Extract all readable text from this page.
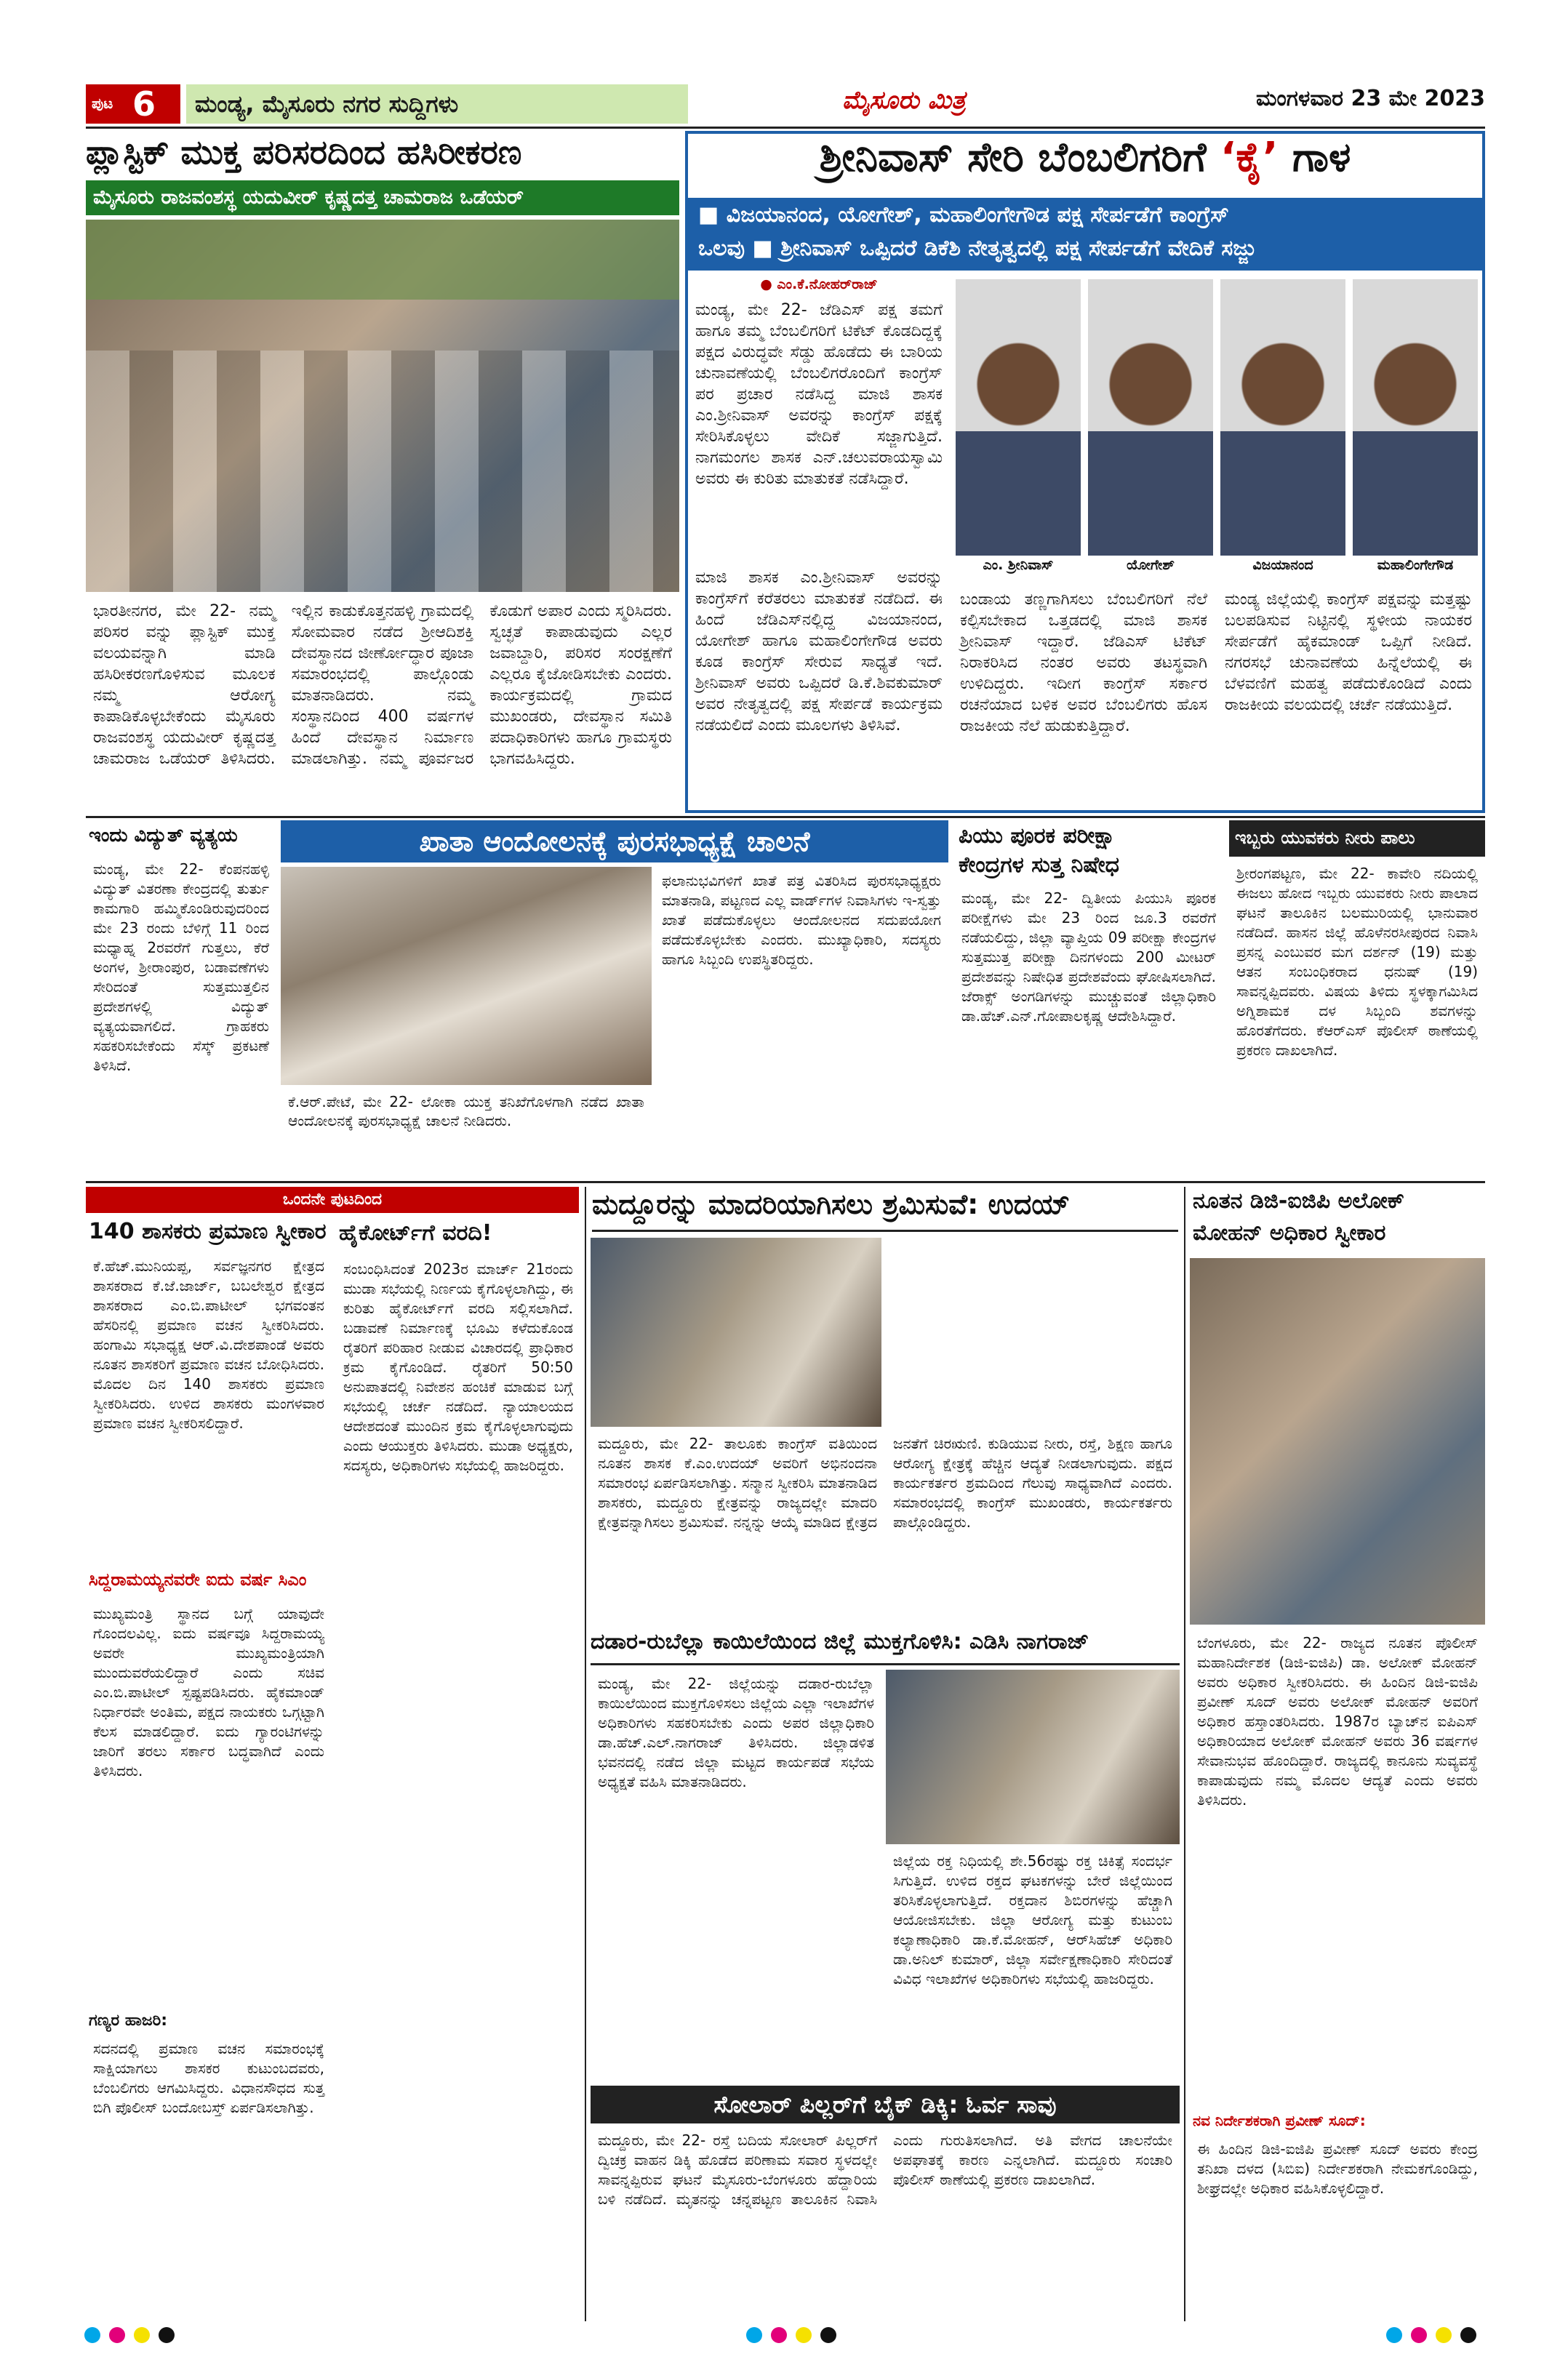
ಪುಟ 6 ಮಂಡ್ಯ, ಮೈಸೂರು ನಗರ ಸುದ್ದಿಗಳು	ಮೈಸೂರು ಮಿತ್ರ	ಮಂಗಳವಾರ 23 ಮೇ 2023
ಪ್ಲಾಸ್ಟಿಕ್ ಮುಕ್ತ ಪರಿಸರದಿಂದ ಹಸಿರೀಕರಣ
ಮೈಸೂರು ರಾಜವಂಶಸ್ಥ ಯದುವೀರ್ ಕೃಷ್ಣದತ್ತ ಚಾಮರಾಜ ಒಡೆಯರ್
ಭಾರತೀನಗರ, ಮೇ 22- ನಮ್ಮ ಪರಿಸರ ವನ್ನು ಪ್ಲಾಸ್ಟಿಕ್ ಮುಕ್ತ ವಲಯವನ್ನಾಗಿ ಮಾಡಿ ಹಸಿರೀಕರಣಗೊಳಿಸುವ ಮೂಲಕ ನಮ್ಮ ಆರೋಗ್ಯ ಕಾಪಾಡಿಕೊಳ್ಳಬೇಕೆಂದು ಮೈಸೂರು ರಾಜವಂಶಸ್ಥ ಯದುವೀರ್ ಕೃಷ್ಣದತ್ತ ಚಾಮರಾಜ ಒಡೆಯರ್ ತಿಳಿಸಿದರು. ಇಲ್ಲಿನ ಕಾಡುಕೊತ್ತನಹಳ್ಳಿ ಗ್ರಾಮದಲ್ಲಿ ಸೋಮವಾರ ನಡೆದ ಶ್ರೀಆದಿಶಕ್ತಿ ದೇವಸ್ಥಾನದ ಜೀರ್ಣೋದ್ಧಾರ ಪೂಜಾ ಸಮಾರಂಭದಲ್ಲಿ ಪಾಲ್ಗೊಂಡು ಮಾತನಾಡಿದರು. ನಮ್ಮ ಸಂಸ್ಥಾನದಿಂದ 400 ವರ್ಷಗಳ ಹಿಂದೆ ದೇವಸ್ಥಾನ ನಿರ್ಮಾಣ ಮಾಡಲಾಗಿತ್ತು. ನಮ್ಮ ಪೂರ್ವಜರ ಕೊಡುಗೆ ಅಪಾರ ಎಂದು ಸ್ಮರಿಸಿದರು. ಸ್ವಚ್ಛತೆ ಕಾಪಾಡುವುದು ಎಲ್ಲರ ಜವಾಬ್ದಾರಿ, ಪರಿಸರ ಸಂರಕ್ಷಣೆಗೆ ಎಲ್ಲರೂ ಕೈಜೋಡಿಸಬೇಕು ಎಂದರು. ಕಾರ್ಯಕ್ರಮದಲ್ಲಿ ಗ್ರಾಮದ ಮುಖಂಡರು, ದೇವಸ್ಥಾನ ಸಮಿತಿ ಪದಾಧಿಕಾರಿಗಳು ಹಾಗೂ ಗ್ರಾಮಸ್ಥರು ಭಾಗವಹಿಸಿದ್ದರು.
ಶ್ರೀನಿವಾಸ್ ಸೇರಿ ಬೆಂಬಲಿಗರಿಗೆ ‘ಕೈ’ ಗಾಳ
■ ವಿಜಯಾನಂದ, ಯೋಗೇಶ್, ಮಹಾಲಿಂಗೇಗೌಡ ಪಕ್ಷ ಸೇರ್ಪಡೆಗೆ ಕಾಂಗ್ರೆಸ್
ಒಲವು ■ ಶ್ರೀನಿವಾಸ್ ಒಪ್ಪಿದರೆ ಡಿಕೆಶಿ ನೇತೃತ್ವದಲ್ಲಿ ಪಕ್ಷ ಸೇರ್ಪಡೆಗೆ ವೇದಿಕೆ ಸಜ್ಜು
● ಎಂ.ಕೆ.ನೋಹರ್‌ರಾಜ್
ಮಂಡ್ಯ, ಮೇ 22- ಜೆಡಿಎಸ್ ಪಕ್ಷ ತಮಗೆ ಹಾಗೂ ತಮ್ಮ ಬೆಂಬಲಿಗರಿಗೆ ಟಿಕೆಟ್ ಕೊಡದಿದ್ದಕ್ಕೆ ಪಕ್ಷದ ವಿರುದ್ಧವೇ ಸೆಡ್ಡು ಹೊಡೆದು ಈ ಬಾರಿಯ ಚುನಾವಣೆಯಲ್ಲಿ ಬೆಂಬಲಿಗರೊಂದಿಗೆ ಕಾಂಗ್ರೆಸ್ ಪರ ಪ್ರಚಾರ ನಡೆಸಿದ್ದ ಮಾಜಿ ಶಾಸಕ ಎಂ.ಶ್ರೀನಿವಾಸ್ ಅವರನ್ನು ಕಾಂಗ್ರೆಸ್ ಪಕ್ಷಕ್ಕೆ ಸೇರಿಸಿಕೊಳ್ಳಲು ವೇದಿಕೆ ಸಜ್ಜಾಗುತ್ತಿದೆ. ನಾಗಮಂಗಲ ಶಾಸಕ ಎನ್.ಚಲುವರಾಯಸ್ವಾಮಿ ಅವರು ಈ ಕುರಿತು ಮಾತುಕತೆ ನಡೆಸಿದ್ದಾರೆ.
ಎಂ. ಶ್ರೀನಿವಾಸ್	ಯೋಗೇಶ್	ವಿಜಯಾನಂದ	ಮಹಾಲಿಂಗೇಗೌಡ
ಮಾಜಿ ಶಾಸಕ ಎಂ.ಶ್ರೀನಿವಾಸ್ ಅವರನ್ನು ಕಾಂಗ್ರೆಸ್‌ಗೆ ಕರೆತರಲು ಮಾತುಕತೆ ನಡೆದಿದೆ. ಈ ಹಿಂದೆ ಜೆಡಿಎಸ್‌ನಲ್ಲಿದ್ದ ವಿಜಯಾನಂದ, ಯೋಗೇಶ್ ಹಾಗೂ ಮಹಾಲಿಂಗೇಗೌಡ ಅವರು ಕೂಡ ಕಾಂಗ್ರೆಸ್ ಸೇರುವ ಸಾಧ್ಯತೆ ಇದೆ. ಶ್ರೀನಿವಾಸ್ ಅವರು ಒಪ್ಪಿದರೆ ಡಿ.ಕೆ.ಶಿವಕುಮಾರ್ ಅವರ ನೇತೃತ್ವದಲ್ಲಿ ಪಕ್ಷ ಸೇರ್ಪಡೆ ಕಾರ್ಯಕ್ರಮ ನಡೆಯಲಿದೆ ಎಂದು ಮೂಲಗಳು ತಿಳಿಸಿವೆ.
ಬಂಡಾಯ ತಣ್ಣಗಾಗಿಸಲು ಬೆಂಬಲಿಗರಿಗೆ ನೆಲೆ ಕಲ್ಪಿಸಬೇಕಾದ ಒತ್ತಡದಲ್ಲಿ ಮಾಜಿ ಶಾಸಕ ಶ್ರೀನಿವಾಸ್ ಇದ್ದಾರೆ. ಜೆಡಿಎಸ್ ಟಿಕೆಟ್ ನಿರಾಕರಿಸಿದ ನಂತರ ಅವರು ತಟಸ್ಥವಾಗಿ ಉಳಿದಿದ್ದರು. ಇದೀಗ ಕಾಂಗ್ರೆಸ್ ಸರ್ಕಾರ ರಚನೆಯಾದ ಬಳಿಕ ಅವರ ಬೆಂಬಲಿಗರು ಹೊಸ ರಾಜಕೀಯ ನೆಲೆ ಹುಡುಕುತ್ತಿದ್ದಾರೆ.
ಮಂಡ್ಯ ಜಿಲ್ಲೆಯಲ್ಲಿ ಕಾಂಗ್ರೆಸ್ ಪಕ್ಷವನ್ನು ಮತ್ತಷ್ಟು ಬಲಪಡಿಸುವ ನಿಟ್ಟಿನಲ್ಲಿ ಸ್ಥಳೀಯ ನಾಯಕರ ಸೇರ್ಪಡೆಗೆ ಹೈಕಮಾಂಡ್ ಒಪ್ಪಿಗೆ ನೀಡಿದೆ. ನಗರಸಭೆ ಚುನಾವಣೆಯ ಹಿನ್ನೆಲೆಯಲ್ಲಿ ಈ ಬೆಳವಣಿಗೆ ಮಹತ್ವ ಪಡೆದುಕೊಂಡಿದೆ ಎಂದು ರಾಜಕೀಯ ವಲಯದಲ್ಲಿ ಚರ್ಚೆ ನಡೆಯುತ್ತಿದೆ.
ಇಂದು ವಿದ್ಯುತ್ ವ್ಯತ್ಯಯ
ಮಂಡ್ಯ, ಮೇ 22- ಕೆಂಪನಹಳ್ಳಿ ವಿದ್ಯುತ್ ವಿತರಣಾ ಕೇಂದ್ರದಲ್ಲಿ ತುರ್ತು ಕಾಮಗಾರಿ ಹಮ್ಮಿಕೊಂಡಿರುವುದರಿಂದ ಮೇ 23 ರಂದು ಬೆಳಿಗ್ಗೆ 11 ರಿಂದ ಮಧ್ಯಾಹ್ನ 2ರವರೆಗೆ ಗುತ್ತಲು, ಕೆರೆ ಅಂಗಳ, ಶ್ರೀರಾಂಪುರ, ಬಡಾವಣೆಗಳು ಸೇರಿದಂತೆ ಸುತ್ತಮುತ್ತಲಿನ ಪ್ರದೇಶಗಳಲ್ಲಿ ವಿದ್ಯುತ್ ವ್ಯತ್ಯಯವಾಗಲಿದೆ. ಗ್ರಾಹಕರು ಸಹಕರಿಸಬೇಕೆಂದು ಸೆಸ್ಕ್ ಪ್ರಕಟಣೆ ತಿಳಿಸಿದೆ.
ಖಾತಾ ಆಂದೋಲನಕ್ಕೆ ಪುರಸಭಾಧ್ಯಕ್ಷೆ ಚಾಲನೆ
ಕೆ.ಆರ್.ಪೇಟೆ, ಮೇ 22- ಲೋಕಾ ಯುಕ್ತ ತನಿಖೆಗೊಳಗಾಗಿ ನಡೆದ ಖಾತಾ ಆಂದೋಲನಕ್ಕೆ ಪುರಸಭಾಧ್ಯಕ್ಷೆ ಚಾಲನೆ ನೀಡಿದರು.
ಫಲಾನುಭವಿಗಳಿಗೆ ಖಾತೆ ಪತ್ರ ವಿತರಿಸಿದ ಪುರಸಭಾಧ್ಯಕ್ಷರು ಮಾತನಾಡಿ, ಪಟ್ಟಣದ ಎಲ್ಲ ವಾರ್ಡ್‌ಗಳ ನಿವಾಸಿಗಳು ಇ-ಸ್ವತ್ತು ಖಾತೆ ಪಡೆದುಕೊಳ್ಳಲು ಆಂದೋಲನದ ಸದುಪಯೋಗ ಪಡೆದುಕೊಳ್ಳಬೇಕು ಎಂದರು. ಮುಖ್ಯಾಧಿಕಾರಿ, ಸದಸ್ಯರು ಹಾಗೂ ಸಿಬ್ಬಂದಿ ಉಪಸ್ಥಿತರಿದ್ದರು.
ಪಿಯು ಪೂರಕ ಪರೀಕ್ಷಾ
ಕೇಂದ್ರಗಳ ಸುತ್ತ ನಿಷೇಧ
ಮಂಡ್ಯ, ಮೇ 22- ದ್ವಿತೀಯ ಪಿಯುಸಿ ಪೂರಕ ಪರೀಕ್ಷೆಗಳು ಮೇ 23 ರಿಂದ ಜೂ.3 ರವರೆಗೆ ನಡೆಯಲಿದ್ದು, ಜಿಲ್ಲಾ ವ್ಯಾಪ್ತಿಯ 09 ಪರೀಕ್ಷಾ ಕೇಂದ್ರಗಳ ಸುತ್ತಮುತ್ತ ಪರೀಕ್ಷಾ ದಿನಗಳಂದು 200 ಮೀಟರ್ ಪ್ರದೇಶವನ್ನು ನಿಷೇಧಿತ ಪ್ರದೇಶವೆಂದು ಘೋಷಿಸಲಾಗಿದೆ. ಜೆರಾಕ್ಸ್ ಅಂಗಡಿಗಳನ್ನು ಮುಚ್ಚುವಂತೆ ಜಿಲ್ಲಾಧಿಕಾರಿ ಡಾ.ಹೆಚ್.ಎನ್.ಗೋಪಾಲಕೃಷ್ಣ ಆದೇಶಿಸಿದ್ದಾರೆ.
ಇಬ್ಬರು ಯುವಕರು ನೀರು ಪಾಲು
ಶ್ರೀರಂಗಪಟ್ಟಣ, ಮೇ 22- ಕಾವೇರಿ ನದಿಯಲ್ಲಿ ಈಜಲು ಹೋದ ಇಬ್ಬರು ಯುವಕರು ನೀರು ಪಾಲಾದ ಘಟನೆ ತಾಲೂಕಿನ ಬಲಮುರಿಯಲ್ಲಿ ಭಾನುವಾರ ನಡೆದಿದೆ. ಹಾಸನ ಜಿಲ್ಲೆ ಹೊಳೆನರಸೀಪುರದ ನಿವಾಸಿ ಪ್ರಸನ್ನ ಎಂಬುವರ ಮಗ ದರ್ಶನ್ (19) ಮತ್ತು ಆತನ ಸಂಬಂಧಿಕರಾದ ಧನುಷ್ (19) ಸಾವನ್ನಪ್ಪಿದವರು. ವಿಷಯ ತಿಳಿದು ಸ್ಥಳಕ್ಕಾಗಮಿಸಿದ ಅಗ್ನಿಶಾಮಕ ದಳ ಸಿಬ್ಬಂದಿ ಶವಗಳನ್ನು ಹೊರತೆಗೆದರು. ಕೆಆರ್‌ಎಸ್ ಪೊಲೀಸ್ ಠಾಣೆಯಲ್ಲಿ ಪ್ರಕರಣ ದಾಖಲಾಗಿದೆ.
ಒಂದನೇ ಪುಟದಿಂದ
140 ಶಾಸಕರು ಪ್ರಮಾಣ ಸ್ವೀಕಾರ
ಕೆ.ಹೆಚ್.ಮುನಿಯಪ್ಪ, ಸರ್ವಜ್ಞನಗರ ಕ್ಷೇತ್ರದ ಶಾಸಕರಾದ ಕೆ.ಜೆ.ಜಾರ್ಜ್, ಬಬಲೇಶ್ವರ ಕ್ಷೇತ್ರದ ಶಾಸಕರಾದ ಎಂ.ಬಿ.ಪಾಟೀಲ್ ಭಗವಂತನ ಹೆಸರಿನಲ್ಲಿ ಪ್ರಮಾಣ ವಚನ ಸ್ವೀಕರಿಸಿದರು. ಹಂಗಾಮಿ ಸಭಾಧ್ಯಕ್ಷ ಆರ್.ವಿ.ದೇಶಪಾಂಡೆ ಅವರು ನೂತನ ಶಾಸಕರಿಗೆ ಪ್ರಮಾಣ ವಚನ ಬೋಧಿಸಿದರು. ಮೊದಲ ದಿನ 140 ಶಾಸಕರು ಪ್ರಮಾಣ ಸ್ವೀಕರಿಸಿದರು. ಉಳಿದ ಶಾಸಕರು ಮಂಗಳವಾರ ಪ್ರಮಾಣ ವಚನ ಸ್ವೀಕರಿಸಲಿದ್ದಾರೆ.
ಸಿದ್ದರಾಮಯ್ಯನವರೇ ಐದು ವರ್ಷ ಸಿಎಂ
ಮುಖ್ಯಮಂತ್ರಿ ಸ್ಥಾನದ ಬಗ್ಗೆ ಯಾವುದೇ ಗೊಂದಲವಿಲ್ಲ. ಐದು ವರ್ಷವೂ ಸಿದ್ದರಾಮಯ್ಯ ಅವರೇ ಮುಖ್ಯಮಂತ್ರಿಯಾಗಿ ಮುಂದುವರೆಯಲಿದ್ದಾರೆ ಎಂದು ಸಚಿವ ಎಂ.ಬಿ.ಪಾಟೀಲ್ ಸ್ಪಷ್ಟಪಡಿಸಿದರು. ಹೈಕಮಾಂಡ್ ನಿರ್ಧಾರವೇ ಅಂತಿಮ, ಪಕ್ಷದ ನಾಯಕರು ಒಗ್ಗಟ್ಟಾಗಿ ಕೆಲಸ ಮಾಡಲಿದ್ದಾರೆ. ಐದು ಗ್ಯಾರಂಟಿಗಳನ್ನು ಜಾರಿಗೆ ತರಲು ಸರ್ಕಾರ ಬದ್ಧವಾಗಿದೆ ಎಂದು ತಿಳಿಸಿದರು.
ಗಣ್ಯರ ಹಾಜರಿ:
ಸದನದಲ್ಲಿ ಪ್ರಮಾಣ ವಚನ ಸಮಾರಂಭಕ್ಕೆ ಸಾಕ್ಷಿಯಾಗಲು ಶಾಸಕರ ಕುಟುಂಬದವರು, ಬೆಂಬಲಿಗರು ಆಗಮಿಸಿದ್ದರು. ವಿಧಾನಸೌಧದ ಸುತ್ತ ಬಿಗಿ ಪೊಲೀಸ್ ಬಂದೋಬಸ್ತ್ ಏರ್ಪಡಿಸಲಾಗಿತ್ತು.
ಹೈಕೋರ್ಟ್‌ಗೆ ವರದಿ!
ಸಂಬಂಧಿಸಿದಂತೆ 2023ರ ಮಾರ್ಚ್ 21ರಂದು ಮುಡಾ ಸಭೆಯಲ್ಲಿ ನಿರ್ಣಯ ಕೈಗೊಳ್ಳಲಾಗಿದ್ದು, ಈ ಕುರಿತು ಹೈಕೋರ್ಟ್‌ಗೆ ವರದಿ ಸಲ್ಲಿಸಲಾಗಿದೆ. ಬಡಾವಣೆ ನಿರ್ಮಾಣಕ್ಕೆ ಭೂಮಿ ಕಳೆದುಕೊಂಡ ರೈತರಿಗೆ ಪರಿಹಾರ ನೀಡುವ ವಿಚಾರದಲ್ಲಿ ಪ್ರಾಧಿಕಾರ ಕ್ರಮ ಕೈಗೊಂಡಿದೆ. ರೈತರಿಗೆ 50:50 ಅನುಪಾತದಲ್ಲಿ ನಿವೇಶನ ಹಂಚಿಕೆ ಮಾಡುವ ಬಗ್ಗೆ ಸಭೆಯಲ್ಲಿ ಚರ್ಚೆ ನಡೆದಿದೆ. ನ್ಯಾಯಾಲಯದ ಆದೇಶದಂತೆ ಮುಂದಿನ ಕ್ರಮ ಕೈಗೊಳ್ಳಲಾಗುವುದು ಎಂದು ಆಯುಕ್ತರು ತಿಳಿಸಿದರು. ಮುಡಾ ಅಧ್ಯಕ್ಷರು, ಸದಸ್ಯರು, ಅಧಿಕಾರಿಗಳು ಸಭೆಯಲ್ಲಿ ಹಾಜರಿದ್ದರು.
ಮದ್ದೂರನ್ನು ಮಾದರಿಯಾಗಿಸಲು ಶ್ರಮಿಸುವೆ: ಉದಯ್
ಮದ್ದೂರು, ಮೇ 22- ತಾಲೂಕು ಕಾಂಗ್ರೆಸ್ ವತಿಯಿಂದ ನೂತನ ಶಾಸಕ ಕೆ.ಎಂ.ಉದಯ್ ಅವರಿಗೆ ಅಭಿನಂದನಾ ಸಮಾರಂಭ ಏರ್ಪಡಿಸಲಾಗಿತ್ತು. ಸನ್ಮಾನ ಸ್ವೀಕರಿಸಿ ಮಾತನಾಡಿದ ಶಾಸಕರು, ಮದ್ದೂರು ಕ್ಷೇತ್ರವನ್ನು ರಾಜ್ಯದಲ್ಲೇ ಮಾದರಿ ಕ್ಷೇತ್ರವನ್ನಾಗಿಸಲು ಶ್ರಮಿಸುವೆ. ನನ್ನನ್ನು ಆಯ್ಕೆ ಮಾಡಿದ ಕ್ಷೇತ್ರದ ಜನತೆಗೆ ಚಿರಋಣಿ. ಕುಡಿಯುವ ನೀರು, ರಸ್ತೆ, ಶಿಕ್ಷಣ ಹಾಗೂ ಆರೋಗ್ಯ ಕ್ಷೇತ್ರಕ್ಕೆ ಹೆಚ್ಚಿನ ಆದ್ಯತೆ ನೀಡಲಾಗುವುದು. ಪಕ್ಷದ ಕಾರ್ಯಕರ್ತರ ಶ್ರಮದಿಂದ ಗೆಲುವು ಸಾಧ್ಯವಾಗಿದೆ ಎಂದರು. ಸಮಾರಂಭದಲ್ಲಿ ಕಾಂಗ್ರೆಸ್ ಮುಖಂಡರು, ಕಾರ್ಯಕರ್ತರು ಪಾಲ್ಗೊಂಡಿದ್ದರು.
ದಡಾರ-ರುಬೆಲ್ಲಾ ಕಾಯಿಲೆಯಿಂದ ಜಿಲ್ಲೆ ಮುಕ್ತಗೊಳಿಸಿ: ಎಡಿಸಿ ನಾಗರಾಜ್
ಮಂಡ್ಯ, ಮೇ 22- ಜಿಲ್ಲೆಯನ್ನು ದಡಾರ-ರುಬೆಲ್ಲಾ ಕಾಯಿಲೆಯಿಂದ ಮುಕ್ತಗೊಳಿಸಲು ಜಿಲ್ಲೆಯ ಎಲ್ಲಾ ಇಲಾಖೆಗಳ ಅಧಿಕಾರಿಗಳು ಸಹಕರಿಸಬೇಕು ಎಂದು ಅಪರ ಜಿಲ್ಲಾಧಿಕಾರಿ ಡಾ.ಹೆಚ್.ಎಲ್.ನಾಗರಾಜ್ ತಿಳಿಸಿದರು. ಜಿಲ್ಲಾಡಳಿತ ಭವನದಲ್ಲಿ ನಡೆದ ಜಿಲ್ಲಾ ಮಟ್ಟದ ಕಾರ್ಯಪಡೆ ಸಭೆಯ ಅಧ್ಯಕ್ಷತೆ ವಹಿಸಿ ಮಾತನಾಡಿದರು.
ಜಿಲ್ಲೆಯ ರಕ್ತ ನಿಧಿಯಲ್ಲಿ ಶೇ.56ರಷ್ಟು ರಕ್ತ ಚಿಕಿತ್ಸೆ ಸಂದರ್ಭ ಸಿಗುತ್ತಿದೆ. ಉಳಿದ ರಕ್ತದ ಘಟಕಗಳನ್ನು ಬೇರೆ ಜಿಲ್ಲೆಯಿಂದ ತರಿಸಿಕೊಳ್ಳಲಾಗುತ್ತಿದೆ. ರಕ್ತದಾನ ಶಿಬಿರಗಳನ್ನು ಹೆಚ್ಚಾಗಿ ಆಯೋಜಿಸಬೇಕು. ಜಿಲ್ಲಾ ಆರೋಗ್ಯ ಮತ್ತು ಕುಟುಂಬ ಕಲ್ಯಾಣಾಧಿಕಾರಿ ಡಾ.ಕೆ.ಮೋಹನ್, ಆರ್‌ಸಿಹೆಚ್ ಅಧಿಕಾರಿ ಡಾ.ಅನಿಲ್ ಕುಮಾರ್, ಜಿಲ್ಲಾ ಸರ್ವೇಕ್ಷಣಾಧಿಕಾರಿ ಸೇರಿದಂತೆ ವಿವಿಧ ಇಲಾಖೆಗಳ ಅಧಿಕಾರಿಗಳು ಸಭೆಯಲ್ಲಿ ಹಾಜರಿದ್ದರು.
ಸೋಲಾರ್ ಪಿಲ್ಲರ್‌ಗೆ ಬೈಕ್ ಡಿಕ್ಕಿ: ಓರ್ವ ಸಾವು
ಮದ್ದೂರು, ಮೇ 22- ರಸ್ತೆ ಬದಿಯ ಸೋಲಾರ್ ಪಿಲ್ಲರ್‌ಗೆ ದ್ವಿಚಕ್ರ ವಾಹನ ಡಿಕ್ಕಿ ಹೊಡೆದ ಪರಿಣಾಮ ಸವಾರ ಸ್ಥಳದಲ್ಲೇ ಸಾವನ್ನಪ್ಪಿರುವ ಘಟನೆ ಮೈಸೂರು-ಬೆಂಗಳೂರು ಹೆದ್ದಾರಿಯ ಬಳಿ ನಡೆದಿದೆ. ಮೃತನನ್ನು ಚನ್ನಪಟ್ಟಣ ತಾಲೂಕಿನ ನಿವಾಸಿ ಎಂದು ಗುರುತಿಸಲಾಗಿದೆ. ಅತಿ ವೇಗದ ಚಾಲನೆಯೇ ಅಪಘಾತಕ್ಕೆ ಕಾರಣ ಎನ್ನಲಾಗಿದೆ. ಮದ್ದೂರು ಸಂಚಾರಿ ಪೊಲೀಸ್ ಠಾಣೆಯಲ್ಲಿ ಪ್ರಕರಣ ದಾಖಲಾಗಿದೆ.
ನೂತನ ಡಿಜಿ-ಐಜಿಪಿ ಅಲೋಕ್
ಮೋಹನ್ ಅಧಿಕಾರ ಸ್ವೀಕಾರ
ಬೆಂಗಳೂರು, ಮೇ 22- ರಾಜ್ಯದ ನೂತನ ಪೊಲೀಸ್ ಮಹಾನಿರ್ದೇಶಕ (ಡಿಜಿ-ಐಜಿಪಿ) ಡಾ. ಅಲೋಕ್ ಮೋಹನ್ ಅವರು ಅಧಿಕಾರ ಸ್ವೀಕರಿಸಿದರು. ಈ ಹಿಂದಿನ ಡಿಜಿ-ಐಜಿಪಿ ಪ್ರವೀಣ್ ಸೂದ್ ಅವರು ಅಲೋಕ್ ಮೋಹನ್ ಅವರಿಗೆ ಅಧಿಕಾರ ಹಸ್ತಾಂತರಿಸಿದರು. 1987ರ ಬ್ಯಾಚ್‌ನ ಐಪಿಎಸ್ ಅಧಿಕಾರಿಯಾದ ಅಲೋಕ್ ಮೋಹನ್ ಅವರು 36 ವರ್ಷಗಳ ಸೇವಾನುಭವ ಹೊಂದಿದ್ದಾರೆ. ರಾಜ್ಯದಲ್ಲಿ ಕಾನೂನು ಸುವ್ಯವಸ್ಥೆ ಕಾಪಾಡುವುದು ನಮ್ಮ ಮೊದಲ ಆದ್ಯತೆ ಎಂದು ಅವರು ತಿಳಿಸಿದರು.
ನವ ನಿರ್ದೇಶಕರಾಗಿ ಪ್ರವೀಣ್ ಸೂದ್:
ಈ ಹಿಂದಿನ ಡಿಜಿ-ಐಜಿಪಿ ಪ್ರವೀಣ್ ಸೂದ್ ಅವರು ಕೇಂದ್ರ ತನಿಖಾ ದಳದ (ಸಿಬಿಐ) ನಿರ್ದೇಶಕರಾಗಿ ನೇಮಕಗೊಂಡಿದ್ದು, ಶೀಘ್ರದಲ್ಲೇ ಅಧಿಕಾರ ವಹಿಸಿಕೊಳ್ಳಲಿದ್ದಾರೆ.
